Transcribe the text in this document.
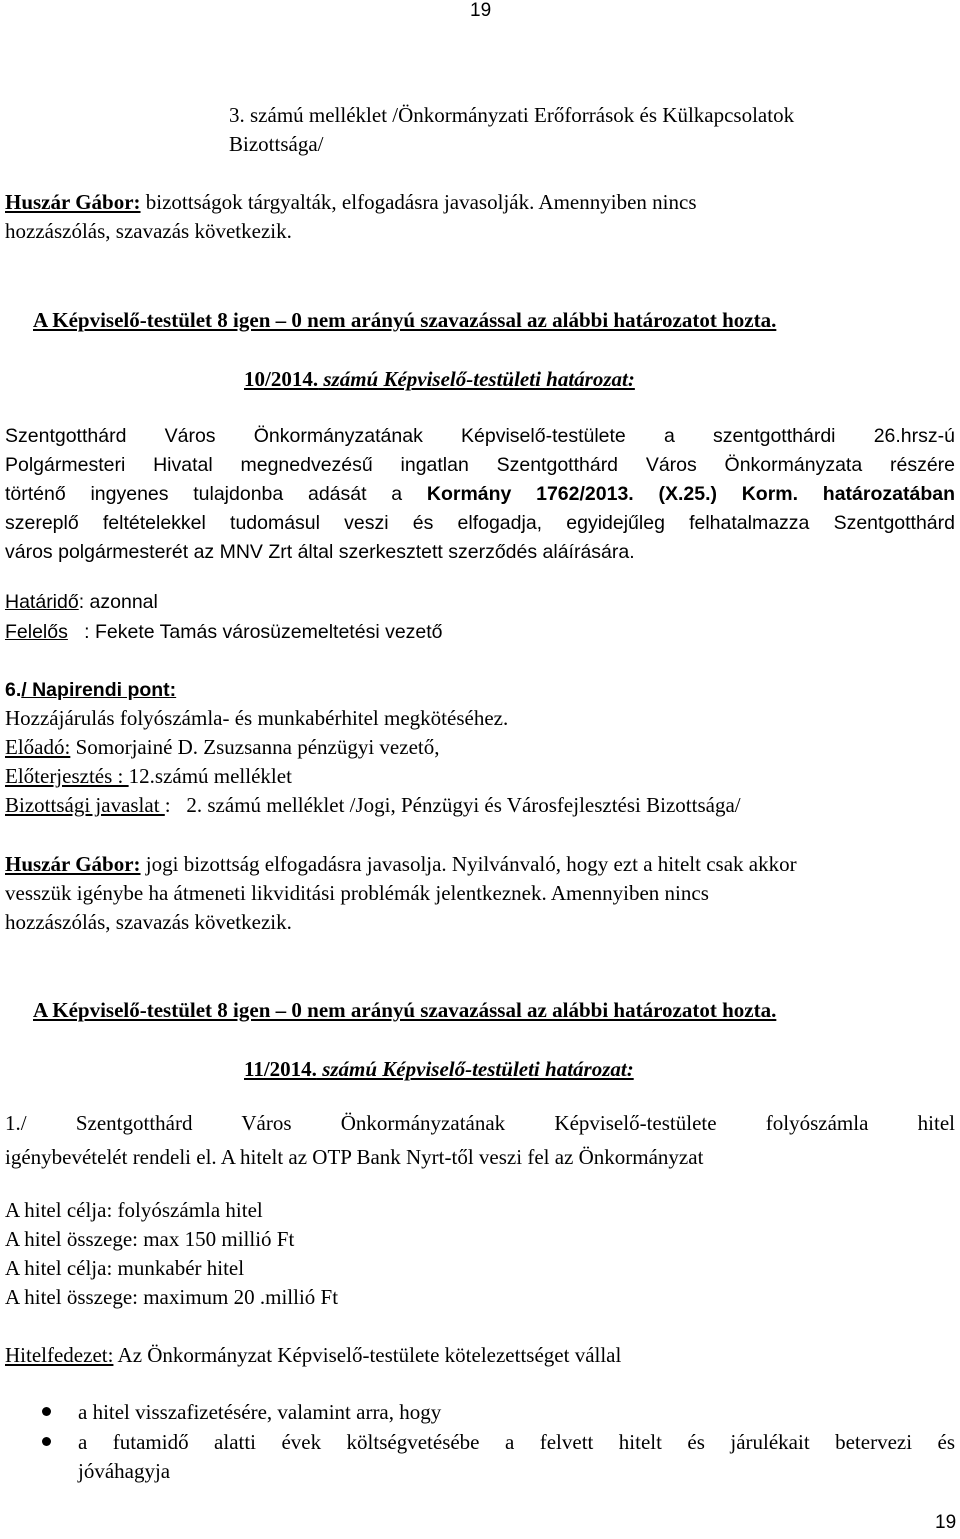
19
3. számú melléklet /Önkormányzati Erőforrások és Külkapcsolatok
Bizottsága/
Huszár Gábor: bizottságok tárgyalták, elfogadásra javasolják. Amennyiben nincs
hozzászólás, szavazás következik.
A Képviselő-testület 8 igen – 0 nem arányú szavazással az alábbi határozatot hozta.
10/2014. számú Képviselő-testületi határozat:
Szentgotthárd Város Önkormányzatának Képviselő-testülete a szentgotthárdi 26.hrsz-ú
Polgármesteri Hivatal megnedvezésű ingatlan Szentgotthárd Város Önkormányzata részére
történő ingyenes tulajdonba adását a Kormány 1762/2013. (X.25.) Korm. határozatában
szereplő feltételekkel tudomásul veszi és elfogadja, egyidejűleg felhatalmazza Szentgotthárd
város polgármesterét az MNV Zrt által szerkesztett szerződés aláírására.
Határidő: azonnal
Felelős   : Fekete Tamás városüzemeltetési vezető
6./ Napirendi pont:
Hozzájárulás folyószámla- és munkabérhitel megkötéséhez.
Előadó: Somorjainé D. Zsuzsanna pénzügyi vezető,
Előterjesztés : 12.számú melléklet
Bizottsági javaslat :   2. számú melléklet /Jogi, Pénzügyi és Városfejlesztési Bizottsága/
Huszár Gábor: jogi bizottság elfogadásra javasolja. Nyilvánvaló, hogy ezt a hitelt csak akkor
vesszük igénybe ha átmeneti likviditási problémák jelentkeznek. Amennyiben nincs
hozzászólás, szavazás következik.
A Képviselő-testület 8 igen – 0 nem arányú szavazással az alábbi határozatot hozta.
11/2014. számú Képviselő-testületi határozat:
1./ Szentgotthárd Város Önkormányzatának Képviselő-testülete folyószámla hitel
igénybevételét rendeli el. A hitelt az OTP Bank Nyrt-től veszi fel az Önkormányzat
A hitel célja: folyószámla hitel
A hitel összege: max 150 millió Ft
A hitel célja: munkabér hitel
A hitel összege: maximum 20 .millió Ft
Hitelfedezet: Az Önkormányzat Képviselő-testülete kötelezettséget vállal
a hitel visszafizetésére, valamint arra, hogy
a futamidő alatti évek költségvetésébe a felvett hitelt és járulékait betervezi és
jóváhagyja
19
